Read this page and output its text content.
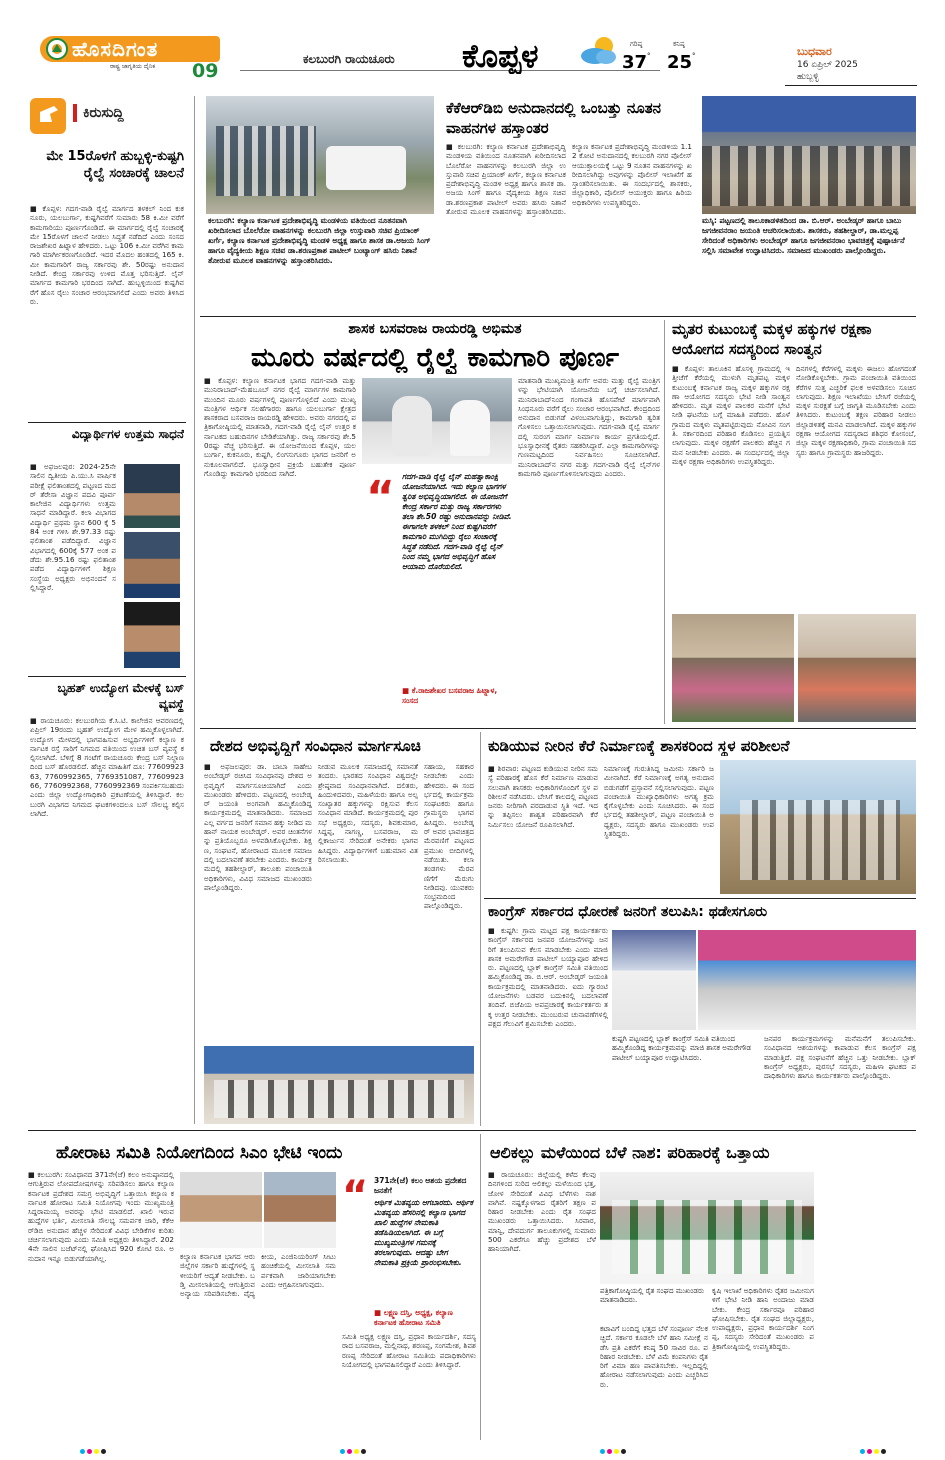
ಹೊಸದಿಗಂತ
ರಾಷ್ಟ್ರ ಜಾಗೃತಿಯ ದೈನಿಕ 09
ಕಲಬುರಗಿ ರಾಯಚೂರು ಕೊಪ್ಪಳ	ಗರಿಷ್ಠ
37 °
ಕನಿಷ್ಠ
25 °	ಬುಧವಾರ
16 ಏಪ್ರಿಲ್ 2025
ಹುಬ್ಬಳ್ಳಿ
ಕಿರುಸುದ್ದಿ
ಮೇ 15ರೊಳಗೆ ಹುಬ್ಬಳ್ಳಿ-ಕುಷ್ಟಗಿ ರೈಲ್ವೆ ಸಂಚಾರಕ್ಕೆ ಚಾಲನೆ
■ ಕೊಪ್ಪಳ: ಗದಗ-ವಾಡಿ ರೈಲ್ವೆ ಮಾರ್ಗದ ತಳಕಲ್ ನಿಂದ ಕುಕನೂರು, ಯಲಬುರ್ಗಾ, ಕುಷ್ಟಗಿವರೆಗೆ ಸುಮಾರು 58 ಕಿ.ಮೀ ವರೆಗೆ ಕಾಮಗಾರಿಯು ಪೂರ್ಣಗೊಂಡಿದೆ. ಈ ಮಾರ್ಗದಲ್ಲಿ ರೈಲ್ವೆ ಸಂಚಾರಕ್ಕೆ ಮೇ 15ರೊಳಗೆ ಚಾಲನೆ ನೀಡಲು ಸಿದ್ಧತೆ ನಡೆದಿದೆ ಎಂದು ಸಂಸದ ರಾಜಶೇಖರ ಹಿಟ್ನಾಳ ಹೇಳಿದರು. ಒಟ್ಟು 106 ಕಿ.ಮೀ ವರೆಗಿನ ಕಾಮಗಾರಿ ಮಾರ್ಗೀಕರಣಗೊಂಡಿದೆ. ಇದರ ಮೊದಲ ಹಂತದಲ್ಲಿ 165 ಕಿ.ಮೀ ಕಾಮಗಾರಿಗೆ ರಾಜ್ಯ ಸರ್ಕಾರವು ಶೇ. 50ರಷ್ಟು ಅನುದಾನ ನೀಡಿದೆ. ಕೇಂದ್ರ ಸರ್ಕಾರವು ಉಳಿದ ಮೊತ್ತ ಭರಿಸುತ್ತಿದೆ. ಲೈನ್ ಮಾರ್ಗದ ಕಾಮಗಾರಿ ಭರದಿಂದ ಸಾಗಿದೆ. ಹುಬ್ಬಳ್ಳಿಯಿಂದ ಕುಷ್ಟಗಿವರೆಗೆ ಹೊಸ ರೈಲು ಸಂಚಾರ ಆರಂಭವಾಗಲಿದೆ ಎಂದು ಅವರು ತಿಳಿಸಿದರು.
ವಿದ್ಯಾರ್ಥಿಗಳ ಉತ್ತಮ ಸಾಧನೆ
■ ಅಫಜಲಪುರ: 2024-25ನೇ ಸಾಲಿನ ದ್ವಿತೀಯ ಪಿ.ಯು.ಸಿ ವಾರ್ಷಿಕ ಪರೀಕ್ಷೆ ಫಲಿತಾಂಶದಲ್ಲಿ ಪಟ್ಟಣದ ಮದರ್ ತೆರೇಸಾ ವಿಜ್ಞಾನ ಪದವಿ ಪೂರ್ವ ಕಾಲೇಜಿನ ವಿದ್ಯಾರ್ಥಿಗಳು ಉತ್ತಮ ಸಾಧನೆ ಮಾಡಿದ್ದಾರೆ. ಕಲಾ ವಿಭಾಗದ ವಿದ್ಯಾರ್ಥಿ ಪ್ರಥಮ ಸ್ಥಾನ 600 ಕ್ಕೆ 584 ಅಂಕ ಗಳಿಸಿ ಶೇ.97.33 ರಷ್ಟು ಫಲಿತಾಂಶ ಪಡೆದಿದ್ದಾರೆ. ವಿಜ್ಞಾನ ವಿಭಾಗದಲ್ಲಿ 600ಕ್ಕೆ 577 ಅಂಕ ಪಡೆದು ಶೇ.95.16 ರಷ್ಟು ಫಲಿತಾಂಶ ಪಡೆದ ವಿದ್ಯಾರ್ಥಿಗಳಿಗೆ ಶಿಕ್ಷಣ ಸಂಸ್ಥೆಯ ಅಧ್ಯಕ್ಷರು ಅಭಿನಂದನೆ ಸಲ್ಲಿಸಿದ್ದಾರೆ.
ಬೃಹತ್ ಉದ್ಯೋಗ ಮೇಳಕ್ಕೆ ಬಸ್ ವ್ಯವಸ್ಥೆ
■ ರಾಯಚೂರು: ಕಲಬುರಗಿಯ ಕೆ.ಸಿ.ಟಿ. ಕಾಲೇಜಿನ ಆವರಣದಲ್ಲಿ ಏಪ್ರಿಲ್ 19ರಂದು ಬೃಹತ್ ಉದ್ಯೋಗ ಮೇಳ ಹಮ್ಮಿಕೊಳ್ಳಲಾಗಿದೆ. ಉದ್ಯೋಗ ಮೇಳದಲ್ಲಿ ಭಾಗವಹಿಸುವ ಅಭ್ಯರ್ಥಿಗಳಿಗೆ ಕಲ್ಯಾಣ ಕರ್ನಾಟಕ ರಸ್ತೆ ಸಾರಿಗೆ ನಿಗಮದ ವತಿಯಿಂದ ಉಚಿತ ಬಸ್ ವ್ಯವಸ್ಥೆ ಕಲ್ಪಿಸಲಾಗಿದೆ. ಬೆಳಿಗ್ಗೆ 8 ಗಂಟೆಗೆ ರಾಯಚೂರು ಕೇಂದ್ರ ಬಸ್ ನಿಲ್ದಾಣದಿಂದ ಬಸ್ ಹೊರಡಲಿದೆ. ಹೆಚ್ಚಿನ ಮಾಹಿತಿಗೆ ದೂ: 7760992363, 7760992365, 7769351087, 7760992366, 7760992368, 7760992369 ಸಂಪರ್ಕಿಸಬಹುದು ಎಂದು ಜಿಲ್ಲಾ ಉದ್ಯೋಗಾಧಿಕಾರಿ ಪ್ರಕಟಣೆಯಲ್ಲಿ ತಿಳಿಸಿದ್ದಾರೆ. ಕಲಬುರಗಿ ವಿಭಾಗದ ನಿಗಮದ ಘಟಕಗಳಿಂದಲೂ ಬಸ್ ಸೌಲಭ್ಯ ಕಲ್ಪಿಸಲಾಗಿದೆ.
ಕಲಬುರಗಿ: ಕಲ್ಯಾಣ ಕರ್ನಾಟಕ ಪ್ರದೇಶಾಭಿವೃದ್ಧಿ ಮಂಡಳಿಯ ವತಿಯಿಂದ ನೂತನವಾಗಿ ಖರೀದಿಸಲಾದ ಬೊಲೆರೋ ವಾಹನಗಳನ್ನು ಕಲಬುರಗಿ ಜಿಲ್ಲಾ ಉಸ್ತುವಾರಿ ಸಚಿವ ಪ್ರಿಯಾಂಕ್ ಖರ್ಗೆ, ಕಲ್ಯಾಣ ಕರ್ನಾಟಕ ಪ್ರದೇಶಾಭಿವೃದ್ಧಿ ಮಂಡಳಿ ಅಧ್ಯಕ್ಷ ಹಾಗೂ ಶಾಸಕ ಡಾ.ಅಜಯ ಸಿಂಗ್ ಹಾಗೂ ವೈದ್ಯಕೀಯ ಶಿಕ್ಷಣ ಸಚಿವ ಡಾ.ಶರಣಪ್ರಕಾಶ ಪಾಟೀಲ್ ಬಂಟ್ಯಾಂಗ್ ಹಸಿರು ನಿಶಾನೆ ತೋರುವ ಮೂಲಕ ವಾಹನಗಳನ್ನು ಹಸ್ತಾಂತರಿಸಿದರು.
ಕೆಕೆಆರ್‌ಡಿಬಿ ಅನುದಾನದಲ್ಲಿ ಒಂಬತ್ತು ನೂತನ ವಾಹನಗಳ ಹಸ್ತಾಂತರ
■ ಕಲಬುರಗಿ: ಕಲ್ಯಾಣ ಕರ್ನಾಟಕ ಪ್ರದೇಶಾಭಿವೃದ್ಧಿ ಮಂಡಳಿಯ ವತಿಯಿಂದ ನೂತನವಾಗಿ ಖರೀದಿಸಲಾದ ಬೊಲೆರೋ ವಾಹನಗಳನ್ನು ಕಲಬುರಗಿ ಜಿಲ್ಲಾ ಉಸ್ತುವಾರಿ ಸಚಿವ ಪ್ರಿಯಾಂಕ್ ಖರ್ಗೆ, ಕಲ್ಯಾಣ ಕರ್ನಾಟಕ ಪ್ರದೇಶಾಭಿವೃದ್ಧಿ ಮಂಡಳಿ ಅಧ್ಯಕ್ಷ ಹಾಗೂ ಶಾಸಕ ಡಾ.ಅಜಯ ಸಿಂಗ್ ಹಾಗೂ ವೈದ್ಯಕೀಯ ಶಿಕ್ಷಣ ಸಚಿವ ಡಾ.ಶರಣಪ್ರಕಾಶ ಪಾಟೀಲ್ ಅವರು ಹಸಿರು ನಿಶಾನೆ ತೋರುವ ಮೂಲಕ ವಾಹನಗಳನ್ನು ಹಸ್ತಾಂತರಿಸಿದರು. ಕಲ್ಯಾಣ ಕರ್ನಾಟಕ ಪ್ರದೇಶಾಭಿವೃದ್ಧಿ ಮಂಡಳಿಯ 1.12 ಕೋಟಿ ಅನುದಾನದಲ್ಲಿ ಕಲಬುರಗಿ ನಗರ ಪೊಲೀಸ್ ಆಯುಕ್ತಾಲಯಕ್ಕೆ ಒಟ್ಟು 9 ನೂತನ ವಾಹನಗಳನ್ನು ಖರೀದಿಸಲಾಗಿದ್ದು ಅವುಗಳನ್ನು ಪೊಲೀಸ್ ಇಲಾಖೆಗೆ ಹಸ್ತಾಂತರಿಸಲಾಯಿತು. ಈ ಸಂದರ್ಭದಲ್ಲಿ ಶಾಸಕರು, ಜಿಲ್ಲಾಧಿಕಾರಿ, ಪೊಲೀಸ್ ಆಯುಕ್ತರು ಹಾಗೂ ಹಿರಿಯ ಅಧಿಕಾರಿಗಳು ಉಪಸ್ಥಿತರಿದ್ದರು.
ಮಸ್ಕಿ: ಪಟ್ಟಣದಲ್ಲಿ ತಾಲೂಕಾಡಳಿತದಿಂದ ಡಾ. ಬಿ.ಆರ್. ಅಂಬೇಡ್ಕರ್ ಹಾಗೂ ಬಾಬು ಜಗಜೀವನರಾಂ ಜಯಂತಿ ಆಚರಿಸಲಾಯಿತು. ಶಾಸಕರು, ತಹಶೀಲ್ದಾರ್, ಡಾ.ಮಲ್ಲಪ್ಪ ಸೇರಿದಂತೆ ಅಧಿಕಾರಿಗಳು ಅಂಬೇಡ್ಕರ್ ಹಾಗೂ ಜಗಜೀವನರಾಂ ಭಾವಚಿತ್ರಕ್ಕೆ ಪುಷ್ಪಾರ್ಚನೆ ಸಲ್ಲಿಸಿ ಸಮಾವೇಶ ಉದ್ಘಾಟಿಸಿದರು. ಸಮಾಜದ ಮುಖಂಡರು ಪಾಲ್ಗೊಂಡಿದ್ದರು.
ಶಾಸಕ ಬಸವರಾಜ ರಾಯರಡ್ಡಿ ಅಭಿಮತ
ಮೂರು ವರ್ಷದಲ್ಲಿ ರೈಲ್ವೆ ಕಾಮಗಾರಿ ಪೂರ್ಣ
■ ಕೊಪ್ಪಳ: ಕಲ್ಯಾಣ ಕರ್ನಾಟಕ ಭಾಗದ ಗದಗ-ವಾಡಿ ಮತ್ತು ಮುನಿರಾಬಾದ್-ಮೆಹಬೂಬ್ ನಗರ ರೈಲ್ವೆ ಮಾರ್ಗಗಳ ಕಾಮಗಾರಿ ಮುಂದಿನ ಮೂರು ವರ್ಷಗಳಲ್ಲಿ ಪೂರ್ಣಗೊಳ್ಳಲಿದೆ ಎಂದು ಮುಖ್ಯಮಂತ್ರಿಗಳ ಆರ್ಥಿಕ ಸಲಹೆಗಾರರು ಹಾಗೂ ಯಲಬುರ್ಗಾ ಕ್ಷೇತ್ರದ ಶಾಸಕರಾದ ಬಸವರಾಜ ರಾಯರಡ್ಡಿ ಹೇಳಿದರು. ಅವರು ನಗರದಲ್ಲಿ ಪತ್ರಿಕಾಗೋಷ್ಠಿಯಲ್ಲಿ ಮಾತನಾಡಿ, ಗದಗ-ವಾಡಿ ರೈಲ್ವೆ ಲೈನ್ ಉತ್ತರ ಕರ್ನಾಟಕದ ಬಹುದಿನಗಳ ಬೇಡಿಕೆಯಾಗಿತ್ತು. ರಾಜ್ಯ ಸರ್ಕಾರವು ಶೇ.50ರಷ್ಟು ವೆಚ್ಚ ಭರಿಸುತ್ತಿದೆ. ಈ ಯೋಜನೆಯಿಂದ ಕೊಪ್ಪಳ, ಯಲಬುರ್ಗಾ, ಕುಕನೂರು, ಕುಷ್ಟಗಿ, ಲಿಂಗಸುಗೂರು ಭಾಗದ ಜನರಿಗೆ ಅನುಕೂಲವಾಗಲಿದೆ. ಭೂಸ್ವಾಧೀನ ಪ್ರಕ್ರಿಯೆ ಬಹುತೇಕ ಪೂರ್ಣಗೊಂಡಿದ್ದು ಕಾಮಗಾರಿ ಭರದಿಂದ ಸಾಗಿದೆ.	“ ಗದಗ-ವಾಡಿ ರೈಲ್ವೆ ಲೈನ್ ಮಹತ್ವಾಕಾಂಕ್ಷಿ ಯೋಜನೆಯಾಗಿದೆ. ಇದು ಕಲ್ಯಾಣ ಭಾಗಗಳ ತ್ವರಿತ ಅಭಿವೃದ್ಧಿಯಾಗಲಿದೆ. ಈ ಯೋಜನೆಗೆ ಕೇಂದ್ರ ಸರ್ಕಾರ ಮತ್ತು ರಾಜ್ಯ ಸರ್ಕಾರಗಳು ತಲಾ ಶೇ.50 ರಷ್ಟು ಅನುದಾನವನ್ನು ನೀಡಿವೆ. ಈಗಾಗಲೇ ತಳಕಲ್ ನಿಂದ ಕುಷ್ಟಗಿವರೆಗೆ ಕಾಮಗಾರಿ ಮುಗಿದಿದ್ದು ರೈಲು ಸಂಚಾರಕ್ಕೆ ಸಿದ್ಧತೆ ನಡೆದಿದೆ. ಗದಗ-ವಾಡಿ ರೈಲ್ವೆ ಲೈನ್ ನಿಂದ ನಮ್ಮ ಭಾಗದ ಅಭಿವೃದ್ಧಿಗೆ ಹೊಸ ಆಯಾಮ ದೊರೆಯಲಿದೆ.
■ ಕೆ.ರಾಜಶೇಖರ ಬಸವರಾಜ ಹಿಟ್ನಾಳ, ಸಂಸದ
ಮಾತನಾಡಿ ಮುಖ್ಯಮಂತ್ರಿ ಖರ್ಗೆ ಅವರು ಮತ್ತು ರೈಲ್ವೆ ಮಂತ್ರಿಗಳನ್ನು ಭೇಟಿಯಾಗಿ ಯೋಜನೆಯ ಬಗ್ಗೆ ಚರ್ಚಿಸಲಾಗಿದೆ. ಮುನಿರಾಬಾದ್‌ನಿಂದ ಗಂಗಾವತಿ ಹೊಸಪೇಟೆ ಮಾರ್ಗವಾಗಿ ಸಿಂಧನೂರು ವರೆಗೆ ರೈಲು ಸಂಚಾರ ಆರಂಭವಾಗಿದೆ. ಕೇಂದ್ರದಿಂದ ಅನುದಾನ ಬಿಡುಗಡೆ ವಿಳಂಬವಾಗುತ್ತಿದ್ದು, ಕಾಮಗಾರಿ ತ್ವರಿತಗೊಳಿಸಲು ಒತ್ತಾಯಿಸಲಾಗುವುದು. ಗದಗ-ವಾಡಿ ರೈಲ್ವೆ ಮಾರ್ಗದಲ್ಲಿ ಸುರಂಗ ಮಾರ್ಗ ನಿರ್ಮಾಣ ಕಾರ್ಯ ಪ್ರಗತಿಯಲ್ಲಿದೆ. ಭೂಸ್ವಾಧೀನಕ್ಕೆ ರೈತರು ಸಹಕರಿಸಿದ್ದಾರೆ. ಎಲ್ಲಾ ಕಾಮಗಾರಿಗಳನ್ನು ಗುಣಮಟ್ಟದಿಂದ ನಿರ್ವಹಿಸಲು ಸೂಚಿಸಲಾಗಿದೆ. ಮುನಿರಾಬಾದ್‌ನ ನಗರ ಮತ್ತು ಗದಗ-ವಾಡಿ ರೈಲ್ವೆ ಲೈನ್‌ಗಳ ಕಾಮಗಾರಿ ಪೂರ್ಣಗೊಳಿಸಲಾಗುವುದು ಎಂದರು.
ಮೃತರ ಕುಟುಂಬಕ್ಕೆ ಮಕ್ಕಳ ಹಕ್ಕುಗಳ ರಕ್ಷಣಾ ಆಯೋಗದ ಸದಸ್ಯರಿಂದ ಸಾಂತ್ವನ
■ ಕೊಪ್ಪಳ: ತಾಲೂಕಿನ ಹೊಸಳ್ಳಿ ಗ್ರಾಮದಲ್ಲಿ ಇತ್ತೀಚೆಗೆ ಕೆರೆಯಲ್ಲಿ ಮುಳುಗಿ ಮೃತಪಟ್ಟ ಮಕ್ಕಳ ಕುಟುಂಬಕ್ಕೆ ಕರ್ನಾಟಕ ರಾಜ್ಯ ಮಕ್ಕಳ ಹಕ್ಕುಗಳ ರಕ್ಷಣಾ ಆಯೋಗದ ಸದಸ್ಯರು ಭೇಟಿ ನೀಡಿ ಸಾಂತ್ವನ ಹೇಳಿದರು. ಮೃತ ಮಕ್ಕಳ ಪಾಲಕರ ಮನೆಗೆ ಭೇಟಿ ನೀಡಿ ಘಟನೆಯ ಬಗ್ಗೆ ಮಾಹಿತಿ ಪಡೆದರು. ಹೊಳೆ ಗ್ರಾಮದ ಮಕ್ಕಳು ಮೃತಪಟ್ಟಿರುವುದು ನೋವಿನ ಸಂಗತಿ. ಸರ್ಕಾರದಿಂದ ಪರಿಹಾರ ಕೊಡಿಸಲು ಪ್ರಯತ್ನಿಸಲಾಗುವುದು. ಮಕ್ಕಳ ರಕ್ಷಣೆಗೆ ಪಾಲಕರು ಹೆಚ್ಚಿನ ಗಮನ ನೀಡಬೇಕು ಎಂದರು. ಈ ಸಂದರ್ಭದಲ್ಲಿ ಜಿಲ್ಲಾ ಮಕ್ಕಳ ರಕ್ಷಣಾ ಅಧಿಕಾರಿಗಳು ಉಪಸ್ಥಿತರಿದ್ದರು.
ದಿನಗಳಲ್ಲಿ ಕೆರೆಗಳಲ್ಲಿ ಮಕ್ಕಳು ಈಜಲು ಹೋಗದಂತೆ ನೋಡಿಕೊಳ್ಳಬೇಕು. ಗ್ರಾಮ ಪಂಚಾಯಿತಿ ವತಿಯಿಂದ ಕೆರೆಗಳ ಸುತ್ತ ಎಚ್ಚರಿಕೆ ಫಲಕ ಅಳವಡಿಸಲು ಸೂಚಿಸಲಾಗುವುದು. ಶಿಕ್ಷಣ ಇಲಾಖೆಯು ಬೇಸಿಗೆ ರಜೆಯಲ್ಲಿ ಮಕ್ಕಳ ಸುರಕ್ಷತೆ ಬಗ್ಗೆ ಜಾಗೃತಿ ಮೂಡಿಸಬೇಕು ಎಂದು ತಿಳಿಸಿದರು. ಕುಟುಂಬಕ್ಕೆ ತಕ್ಷಣ ಪರಿಹಾರ ನೀಡಲು ಜಿಲ್ಲಾಡಳಿತಕ್ಕೆ ಮನವಿ ಮಾಡಲಾಗಿದೆ. ಮಕ್ಕಳ ಹಕ್ಕುಗಳ ರಕ್ಷಣಾ ಆಯೋಗದ ಸದಸ್ಯರಾದ ಶಶಿಧರ ಕೋಸಂಬೆ, ಜಿಲ್ಲಾ ಮಕ್ಕಳ ರಕ್ಷಣಾಧಿಕಾರಿ, ಗ್ರಾಮ ಪಂಚಾಯಿತಿ ಸದಸ್ಯರು ಹಾಗೂ ಗ್ರಾಮಸ್ಥರು ಹಾಜರಿದ್ದರು.
ದೇಶದ ಅಭಿವೃದ್ಧಿಗೆ ಸಂವಿಧಾನ ಮಾರ್ಗಸೂಚಿ
■ ಅಫಜಲಪುರ: ಡಾ. ಬಾಬಾ ಸಾಹೇಬ ಅಂಬೇಡ್ಕರ್ ರಚಿಸಿದ ಸಂವಿಧಾನವು ದೇಶದ ಅಭಿವೃದ್ಧಿಗೆ ಮಾರ್ಗಸೂಚಿಯಾಗಿದೆ ಎಂದು ಮುಖಂಡರು ಹೇಳಿದರು. ಪಟ್ಟಣದಲ್ಲಿ ಅಂಬೇಡ್ಕರ್ ಜಯಂತಿ ಅಂಗವಾಗಿ ಹಮ್ಮಿಕೊಂಡಿದ್ದ ಕಾರ್ಯಕ್ರಮದಲ್ಲಿ ಮಾತನಾಡಿದರು. ಸಮಾಜದ ಎಲ್ಲ ವರ್ಗದ ಜನರಿಗೆ ಸಮಾನ ಹಕ್ಕು ನೀಡಿದ ಮಹಾನ್ ನಾಯಕ ಅಂಬೇಡ್ಕರ್. ಅವರ ಚಿಂತನೆಗಳನ್ನು ಪ್ರತಿಯೊಬ್ಬರೂ ಅಳವಡಿಸಿಕೊಳ್ಳಬೇಕು. ಶಿಕ್ಷಣ, ಸಂಘಟನೆ, ಹೋರಾಟದ ಮೂಲಕ ಸಮಾಜದಲ್ಲಿ ಬದಲಾವಣೆ ತರಬೇಕು ಎಂದರು. ಕಾರ್ಯಕ್ರಮದಲ್ಲಿ ತಹಶೀಲ್ದಾರ್, ತಾಲೂಕು ಪಂಚಾಯಿತಿ ಅಧಿಕಾರಿಗಳು, ವಿವಿಧ ಸಮಾಜದ ಮುಖಂಡರು ಪಾಲ್ಗೊಂಡಿದ್ದರು.
ನೀಡುವ ಮೂಲಕ ಸಮಾಜದಲ್ಲಿ ಸಮಾನತೆ ತಂದರು. ಭಾರತದ ಸಂವಿಧಾನ ವಿಶ್ವದಲ್ಲೇ ಶ್ರೇಷ್ಠವಾದ ಸಂವಿಧಾನವಾಗಿದೆ. ದಲಿತರು, ಹಿಂದುಳಿದವರು, ಮಹಿಳೆಯರು ಹಾಗೂ ಅಲ್ಪಸಂಖ್ಯಾತರ ಹಕ್ಕುಗಳನ್ನು ರಕ್ಷಿಸುವ ಕೆಲಸ ಸಂವಿಧಾನ ಮಾಡಿದೆ. ಕಾರ್ಯಕ್ರಮದಲ್ಲಿ ಪುರಸಭೆ ಅಧ್ಯಕ್ಷರು, ಸದಸ್ಯರು, ಶಿವಕುಮಾರ, ಸಿದ್ದಪ್ಪ, ನಾಗಣ್ಣ, ಬಸವರಾಜ, ಮಲ್ಲಿಕಾರ್ಜುನ ಸೇರಿದಂತೆ ಅನೇಕರು ಭಾಗವಹಿಸಿದ್ದರು. ವಿದ್ಯಾರ್ಥಿಗಳಿಗೆ ಬಹುಮಾನ ವಿತರಿಸಲಾಯಿತು.
ಸಹಾಯ, ಸಹಕಾರ ನೀಡಬೇಕು ಎಂದು ಹೇಳಿದರು. ಈ ಸಂದರ್ಭದಲ್ಲಿ ಕಾರ್ಯಕ್ರಮ ಸಂಘಟಕರು ಹಾಗೂ ಗ್ರಾಮಸ್ಥರು ಭಾಗವಹಿಸಿದ್ದರು. ಅಂಬೇಡ್ಕರ್ ಅವರ ಭಾವಚಿತ್ರದ ಮೆರವಣಿಗೆ ಪಟ್ಟಣದ ಪ್ರಮುಖ ಬೀದಿಗಳಲ್ಲಿ ನಡೆಯಿತು. ಕಲಾ ತಂಡಗಳು ಮೆರವಣಿಗೆಗೆ ಮೆರುಗು ನೀಡಿದವು. ಯುವಕರು ಸಂಭ್ರಮದಿಂದ ಪಾಲ್ಗೊಂಡಿದ್ದರು.
ಕುಡಿಯುವ ನೀರಿನ ಕೆರೆ ನಿರ್ಮಾಣಕ್ಕೆ ಶಾಸಕರಿಂದ ಸ್ಥಳ ಪರಿಶೀಲನೆ
■ ಶಿರವಾರ: ಪಟ್ಟಣದ ಕುಡಿಯುವ ನೀರಿನ ಸಮಸ್ಯೆ ಪರಿಹಾರಕ್ಕೆ ಹೊಸ ಕೆರೆ ನಿರ್ಮಾಣ ಮಾಡುವ ಸಲುವಾಗಿ ಶಾಸಕರು ಅಧಿಕಾರಿಗಳೊಂದಿಗೆ ಸ್ಥಳ ಪರಿಶೀಲನೆ ನಡೆಸಿದರು. ಬೇಸಿಗೆ ಕಾಲದಲ್ಲಿ ಪಟ್ಟಣದ ಜನರು ನೀರಿಗಾಗಿ ಪರದಾಡುವ ಸ್ಥಿತಿ ಇದೆ. ಇದನ್ನು ತಪ್ಪಿಸಲು ಶಾಶ್ವತ ಪರಿಹಾರವಾಗಿ ಕೆರೆ ನಿರ್ಮಿಸಲು ಯೋಜನೆ ರೂಪಿಸಲಾಗಿದೆ.
ನಿರ್ಮಾಣಕ್ಕೆ ಗುರುತಿಸಿದ್ದ ಜಮೀನು ಸರ್ಕಾರಿ ಜಮೀನಾಗಿದೆ. ಕೆರೆ ನಿರ್ಮಾಣಕ್ಕೆ ಅಗತ್ಯ ಅನುದಾನ ಬಿಡುಗಡೆಗೆ ಪ್ರಸ್ತಾವನೆ ಸಲ್ಲಿಸಲಾಗುವುದು. ಪಟ್ಟಣ ಪಂಚಾಯಿತಿ ಮುಖ್ಯಾಧಿಕಾರಿಗಳು ಅಗತ್ಯ ಕ್ರಮ ಕೈಗೊಳ್ಳಬೇಕು ಎಂದು ಸೂಚಿಸಿದರು. ಈ ಸಂದರ್ಭದಲ್ಲಿ ತಹಶೀಲ್ದಾರ್, ಪಟ್ಟಣ ಪಂಚಾಯಿತಿ ಅಧ್ಯಕ್ಷರು, ಸದಸ್ಯರು ಹಾಗೂ ಮುಖಂಡರು ಉಪಸ್ಥಿತರಿದ್ದರು.
ಕಾಂಗ್ರೆಸ್ ಸರ್ಕಾರದ ಧೋರಣೆ ಜನರಿಗೆ ತಲುಪಿಸಿ: ಥಡೇಸಗೂರು
■ ಕುಷ್ಟಗಿ: ಗ್ರಾಮ ಮಟ್ಟದ ಪಕ್ಷ ಕಾರ್ಯಕರ್ತರು ಕಾಂಗ್ರೆಸ್ ಸರ್ಕಾರದ ಜನಪರ ಯೋಜನೆಗಳನ್ನು ಜನರಿಗೆ ತಲುಪಿಸುವ ಕೆಲಸ ಮಾಡಬೇಕು ಎಂದು ಮಾಜಿ ಶಾಸಕ ಅಮರೇಗೌಡ ಪಾಟೀಲ್ ಬಯ್ಯಾಪೂರ ಹೇಳಿದರು. ಪಟ್ಟಣದಲ್ಲಿ ಬ್ಲಾಕ್ ಕಾಂಗ್ರೆಸ್ ಸಮಿತಿ ವತಿಯಿಂದ ಹಮ್ಮಿಕೊಂಡಿದ್ದ ಡಾ. ಬಿ.ಆರ್. ಅಂಬೇಡ್ಕರ್ ಜಯಂತಿ ಕಾರ್ಯಕ್ರಮದಲ್ಲಿ ಮಾತನಾಡಿದರು. ಐದು ಗ್ಯಾರಂಟಿ ಯೋಜನೆಗಳು ಬಡವರ ಬದುಕಿನಲ್ಲಿ ಬದಲಾವಣೆ ತಂದಿವೆ. ಬಿಜೆಪಿಯ ಅಪಪ್ರಚಾರಕ್ಕೆ ಕಾರ್ಯಕರ್ತರು ತಕ್ಕ ಉತ್ತರ ನೀಡಬೇಕು. ಮುಂಬರುವ ಚುನಾವಣೆಗಳಲ್ಲಿ ಪಕ್ಷದ ಗೆಲುವಿಗೆ ಶ್ರಮಿಸಬೇಕು ಎಂದರು.
ಕುಷ್ಟಗಿ ಪಟ್ಟಣದಲ್ಲಿ ಬ್ಲಾಕ್ ಕಾಂಗ್ರೆಸ್ ಸಮಿತಿ ವತಿಯಿಂದ ಹಮ್ಮಿಕೊಂಡಿದ್ದ ಕಾರ್ಯಕ್ರಮವನ್ನು ಮಾಜಿ ಶಾಸಕ ಅಮರೇಗೌಡ ಪಾಟೀಲ್ ಬಯ್ಯಾಪೂರ ಉದ್ಘಾಟಿಸಿದರು.
ಜನಪರ ಕಾರ್ಯಕ್ರಮಗಳನ್ನು ಮನೆಮನೆಗೆ ತಲುಪಿಸಬೇಕು. ಸಂವಿಧಾನದ ಆಶಯಗಳನ್ನು ಕಾಪಾಡುವ ಕೆಲಸ ಕಾಂಗ್ರೆಸ್ ಪಕ್ಷ ಮಾಡುತ್ತಿದೆ. ಪಕ್ಷ ಸಂಘಟನೆಗೆ ಹೆಚ್ಚಿನ ಒತ್ತು ನೀಡಬೇಕು. ಬ್ಲಾಕ್ ಕಾಂಗ್ರೆಸ್ ಅಧ್ಯಕ್ಷರು, ಪುರಸಭೆ ಸದಸ್ಯರು, ಮಹಿಳಾ ಘಟಕದ ಪದಾಧಿಕಾರಿಗಳು ಹಾಗೂ ಕಾರ್ಯಕರ್ತರು ಪಾಲ್ಗೊಂಡಿದ್ದರು.
ಹೋರಾಟ ಸಮಿತಿ ನಿಯೋಗದಿಂದ ಸಿಎಂ ಭೇಟಿ ಇಂದು
■ ಕಲಬುರಗಿ: ಸಂವಿಧಾನದ 371ನೇ(ಜೆ) ಕಲಂ ಅನುಷ್ಠಾನದಲ್ಲಿ ಆಗುತ್ತಿರುವ ಲೋಪದೋಷಗಳನ್ನು ಸರಿಪಡಿಸಲು ಹಾಗೂ ಕಲ್ಯಾಣ ಕರ್ನಾಟಕ ಪ್ರದೇಶದ ಸಮಗ್ರ ಅಭಿವೃದ್ಧಿಗೆ ಒತ್ತಾಯಿಸಿ ಕಲ್ಯಾಣ ಕರ್ನಾಟಕ ಹೋರಾಟ ಸಮಿತಿ ನಿಯೋಗವು ಇಂದು ಮುಖ್ಯಮಂತ್ರಿ ಸಿದ್ದರಾಮಯ್ಯ ಅವರನ್ನು ಭೇಟಿ ಮಾಡಲಿದೆ. ಖಾಲಿ ಇರುವ ಹುದ್ದೆಗಳ ಭರ್ತಿ, ಮೀಸಲಾತಿ ಸೌಲಭ್ಯ ಸಮರ್ಪಕ ಜಾರಿ, ಕೆಕೆಆರ್‌ಡಿಬಿ ಅನುದಾನ ಹೆಚ್ಚಳ ಸೇರಿದಂತೆ ವಿವಿಧ ಬೇಡಿಕೆಗಳ ಕುರಿತು ಚರ್ಚಿಸಲಾಗುವುದು ಎಂದು ಸಮಿತಿ ಅಧ್ಯಕ್ಷರು ತಿಳಿಸಿದ್ದಾರೆ. 2024ನೇ ಸಾಲಿನ ಬಜೆಟ್‌ನಲ್ಲಿ ಘೋಷಿಸಿದ 920 ಕೋಟಿ ರೂ. ಅನುದಾನ ಇನ್ನೂ ಬಿಡುಗಡೆಯಾಗಿಲ್ಲ.	ಕಲ್ಯಾಣ ಕರ್ನಾಟಕ ಭಾಗದ ಆರು ಜಿಲ್ಲೆಗಳ ಸರ್ಕಾರಿ ಹುದ್ದೆಗಳಲ್ಲಿ ಸ್ಥಳೀಯರಿಗೆ ಆದ್ಯತೆ ನೀಡಬೇಕು. ಬಡ್ತಿ ಮೀಸಲಾತಿಯಲ್ಲಿ ಆಗುತ್ತಿರುವ ಅನ್ಯಾಯ ಸರಿಪಡಿಸಬೇಕು. ವೈದ್ಯಕೀಯ, ಎಂಜಿನಿಯರಿಂಗ್ ಸೀಟು ಹಂಚಿಕೆಯಲ್ಲಿ ಮೀಸಲಾತಿ ಸಮರ್ಪಕವಾಗಿ ಜಾರಿಯಾಗಬೇಕು ಎಂದು ಆಗ್ರಹಿಸಲಾಗುವುದು.
“ 371ನೇ(ಜೆ) ಕಲಂ ಆಶಯ ಪ್ರದೇಶದ ಜನತೆಗೆ
ಆರ್ಥಿಕ ಮಿತವ್ಯಯ ಆಗಬಾರದು. ಆರ್ಥಿಕ ಮಿತವ್ಯಯ ಹೆಸರಿನಲ್ಲಿ ಕಲ್ಯಾಣ ಭಾಗದ ಖಾಲಿ ಹುದ್ದೆಗಳ ನೇಮಕಾತಿ ತಡೆಹಿಡಿಯಲಾಗಿದೆ. ಈ ಬಗ್ಗೆ ಮುಖ್ಯಮಂತ್ರಿಗಳ ಗಮನಕ್ಕೆ ತರಲಾಗುವುದು. ಆದಷ್ಟು ಬೇಗ ನೇಮಕಾತಿ ಪ್ರಕ್ರಿಯೆ ಪ್ರಾರಂಭಿಸಬೇಕು.
■ ಲಕ್ಷ್ಮಣ ದಸ್ತಿ, ಅಧ್ಯಕ್ಷ, ಕಲ್ಯಾಣ ಕರ್ನಾಟಕ ಹೋರಾಟ ಸಮಿತಿ
ಸಮಿತಿ ಅಧ್ಯಕ್ಷ ಲಕ್ಷ್ಮಣ ದಸ್ತಿ, ಪ್ರಧಾನ ಕಾರ್ಯದರ್ಶಿ, ಸದಸ್ಯರಾದ ಬಸವರಾಜ, ಮಲ್ಲಿನಾಥ, ಶರಣಪ್ಪ, ಸಂಗಮೇಶ, ಶಿವಶರಣಪ್ಪ ಸೇರಿದಂತೆ ಹೋರಾಟ ಸಮಿತಿಯ ಪದಾಧಿಕಾರಿಗಳು ನಿಯೋಗದಲ್ಲಿ ಭಾಗವಹಿಸಲಿದ್ದಾರೆ ಎಂದು ತಿಳಿಸಿದ್ದಾರೆ.
ಆಲಿಕಲ್ಲು ಮಳೆಯಿಂದ ಬೆಳೆ ನಾಶ: ಪರಿಹಾರಕ್ಕೆ ಒತ್ತಾಯ
■ ರಾಯಚೂರು: ಜಿಲ್ಲೆಯಲ್ಲಿ ಕಳೆದ ಕೆಲವು ದಿನಗಳಿಂದ ಸುರಿದ ಆಲಿಕಲ್ಲು ಮಳೆಯಿಂದ ಭತ್ತ, ಜೋಳ ಸೇರಿದಂತೆ ವಿವಿಧ ಬೆಳೆಗಳು ನಾಶವಾಗಿವೆ. ನಷ್ಟಕ್ಕೊಳಗಾದ ರೈತರಿಗೆ ತಕ್ಷಣ ಪರಿಹಾರ ನೀಡಬೇಕು ಎಂದು ರೈತ ಸಂಘದ ಮುಖಂಡರು ಒತ್ತಾಯಿಸಿದರು. ಸಿರವಾರ, ಮಾನ್ವಿ, ದೇವದುರ್ಗ ತಾಲೂಕುಗಳಲ್ಲಿ ಸುಮಾರು 500 ಎಕರೆಗೂ ಹೆಚ್ಚು ಪ್ರದೇಶದ ಬೆಳೆ ಹಾನಿಯಾಗಿದೆ.
ಪತ್ರಿಕಾಗೋಷ್ಠಿಯಲ್ಲಿ ರೈತ ಸಂಘದ ಮುಖಂಡರು ಮಾತನಾಡಿದರು.
ಕಟಾವಿಗೆ ಬಂದಿದ್ದ ಭತ್ತದ ಬೆಳೆ ಸಂಪೂರ್ಣ ನೆಲಕಚ್ಚಿದೆ. ಸರ್ಕಾರ ಕೂಡಲೇ ಬೆಳೆ ಹಾನಿ ಸಮೀಕ್ಷೆ ನಡೆಸಿ ಪ್ರತಿ ಎಕರೆಗೆ ಕನಿಷ್ಠ 50 ಸಾವಿರ ರೂ. ಪರಿಹಾರ ನೀಡಬೇಕು. ಬೆಳೆ ವಿಮೆ ಕಂಪನಿಗಳು ರೈತರಿಗೆ ವಿಮಾ ಹಣ ಪಾವತಿಸಬೇಕು. ಇಲ್ಲದಿದ್ದಲ್ಲಿ ಹೋರಾಟ ನಡೆಸಲಾಗುವುದು ಎಂದು ಎಚ್ಚರಿಸಿದರು.
ಕೃಷಿ ಇಲಾಖೆ ಅಧಿಕಾರಿಗಳು ರೈತರ ಜಮೀನುಗಳಿಗೆ ಭೇಟಿ ನೀಡಿ ಹಾನಿ ಅಂದಾಜು ಮಾಡಬೇಕು. ಕೇಂದ್ರ ಸರ್ಕಾರವೂ ಪರಿಹಾರ ಘೋಷಿಸಬೇಕು. ರೈತ ಸಂಘದ ಜಿಲ್ಲಾಧ್ಯಕ್ಷರು, ಉಪಾಧ್ಯಕ್ಷರು, ಪ್ರಧಾನ ಕಾರ್ಯದರ್ಶಿ ನಿಂಗಪ್ಪ, ಸದಸ್ಯರು ಸೇರಿದಂತೆ ಮುಖಂಡರು ಪತ್ರಿಕಾಗೋಷ್ಠಿಯಲ್ಲಿ ಉಪಸ್ಥಿತರಿದ್ದರು.
